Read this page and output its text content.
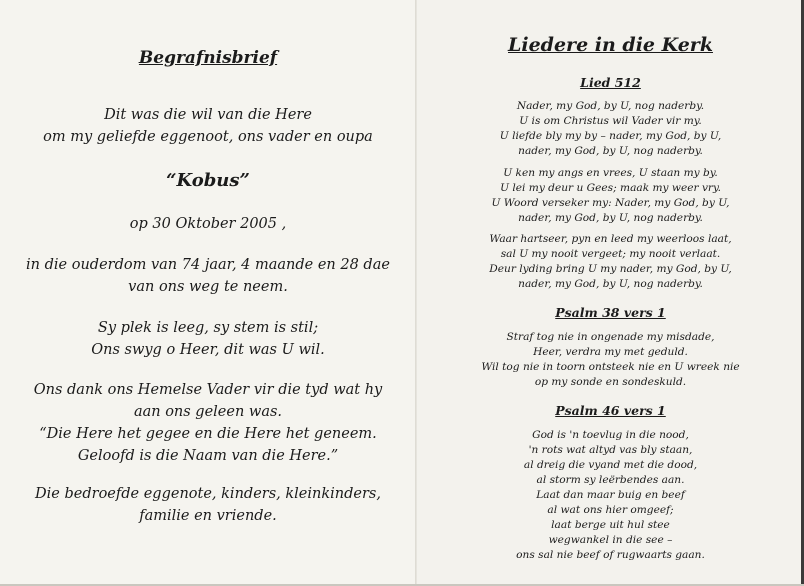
Begrafnisbrief
Dit was die wil van die Here
om my geliefde eggenoot, ons vader en oupa
“Kobus”
op 30 Oktober 2005 ,
in die ouderdom van 74 jaar, 4 maande en 28 dae
van ons weg te neem.
Sy plek is leeg, sy stem is stil;
Ons swyg o Heer, dit was U wil.
Ons dank ons Hemelse Vader vir die tyd wat hy
aan ons geleen was.
“Die Here het gegee en die Here het geneem.
Geloofd is die Naam van die Here.”
Die bedroefde eggenote, kinders, kleinkinders,
familie en vriende.
Liedere in die Kerk
Lied 512
Nader, my God, by U, nog naderby.
U is om Christus wil Vader vir my.
U liefde bly my by – nader, my God, by U,
nader, my God, by U, nog naderby.
U ken my angs en vrees, U staan my by.
U lei my deur u Gees; maak my weer vry.
U Woord verseker my: Nader, my God, by U,
nader, my God, by U, nog naderby.
Waar hartseer, pyn en leed my weerloos laat,
sal U my nooit vergeet; my nooit verlaat.
Deur lyding bring U my nader, my God, by U,
nader, my God, by U, nog naderby.
Psalm 38 vers 1
Straf tog nie in ongenade my misdade,
Heer, verdra my met geduld.
Wil tog nie in toorn ontsteek nie en U wreek nie
op my sonde en sondeskuld.
Psalm 46 vers 1
God is 'n toevlug in die nood,
'n rots wat altyd vas bly staan,
al dreig die vyand met die dood,
al storm sy leërbendes aan.
Laat dan maar buig en beef
al wat ons hier omgeef;
laat berge uit hul stee
wegwankel in die see –
ons sal nie beef of rugwaarts gaan.
